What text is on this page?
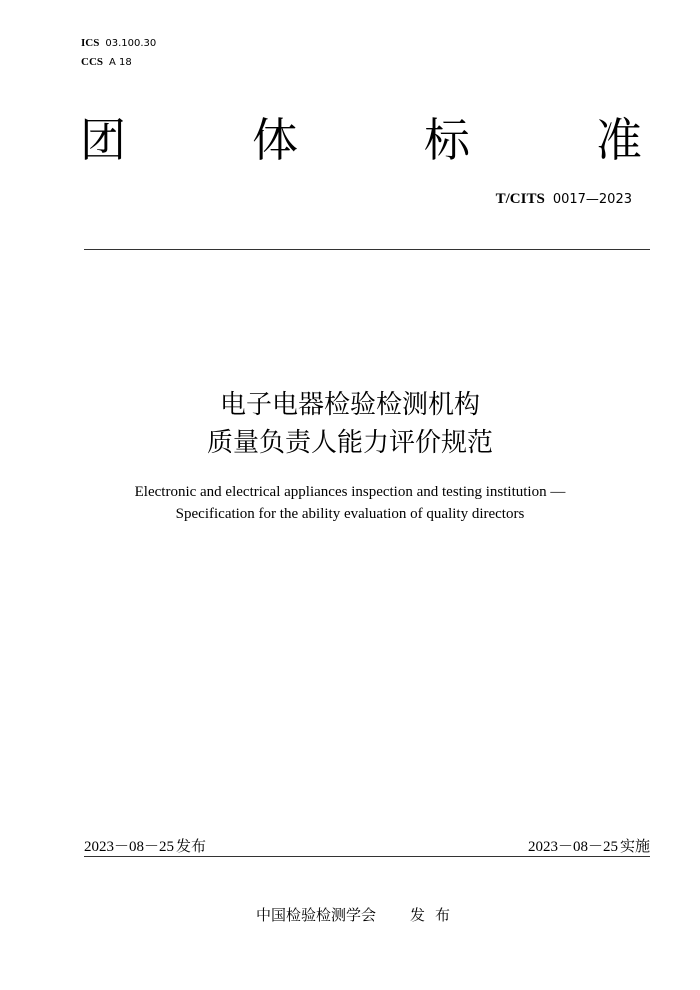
ICS 03.100.30
CCS A 18
团	体	标	准
T/CITS 0017—2023
电子电器检验检测机构
质量负责人能力评价规范
Electronic and electrical appliances inspection and testing institution —
Specification for the ability evaluation of quality directors
2023－08－25 发布	2023－08－25 实施
中国检验检测学会 发布
